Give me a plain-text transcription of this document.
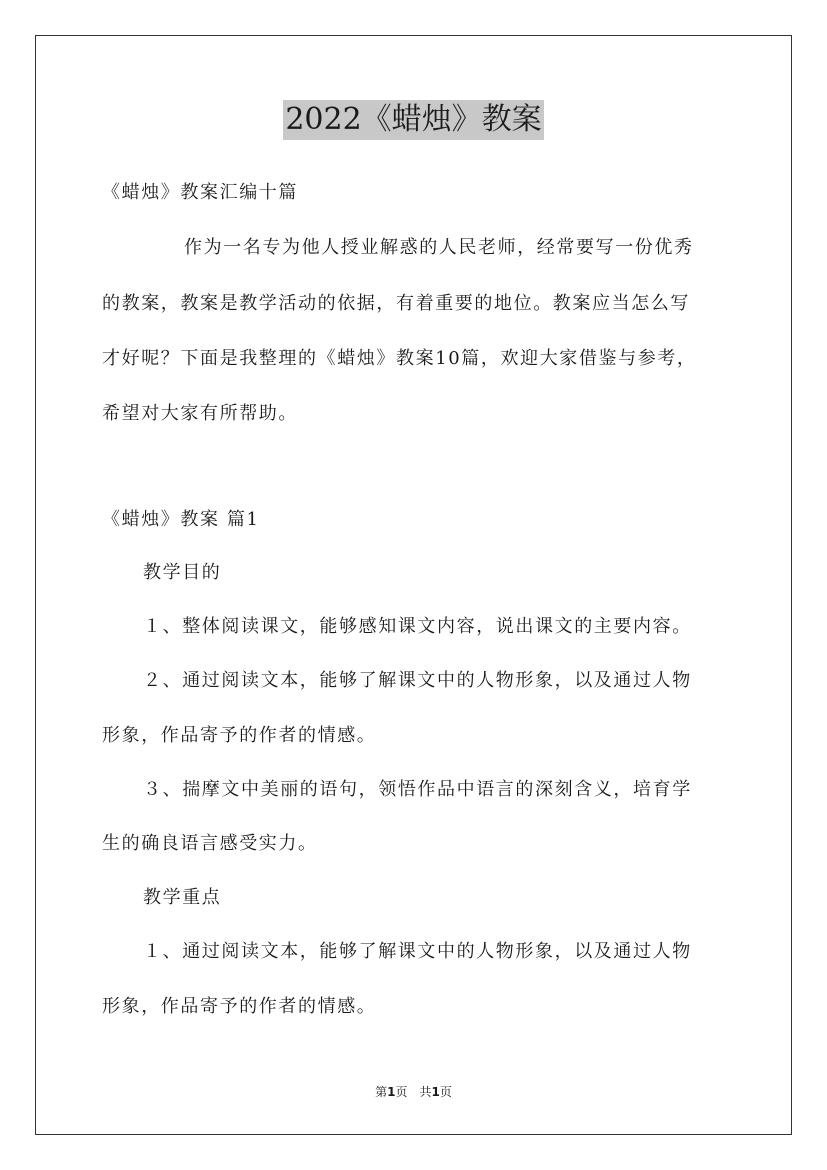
2022《蜡烛》教案
《蜡烛》教案汇编十篇
作为一名专为他人授业解惑的人民老师，经常要写一份优秀
的教案，教案是教学活动的依据，有着重要的地位。教案应当怎么写
才好呢？下面是我整理的《蜡烛》教案10篇，欢迎大家借鉴与参考，
希望对大家有所帮助。
《蜡烛》教案 篇1
教学目的
１、整体阅读课文，能够感知课文内容，说出课文的主要内容。
２、通过阅读文本，能够了解课文中的人物形象，以及通过人物
形象，作品寄予的作者的情感。
３、揣摩文中美丽的语句，领悟作品中语言的深刻含义，培育学
生的确良语言感受实力。
教学重点
１、通过阅读文本，能够了解课文中的人物形象，以及通过人物
形象，作品寄予的作者的情感。
第1页　共1页
